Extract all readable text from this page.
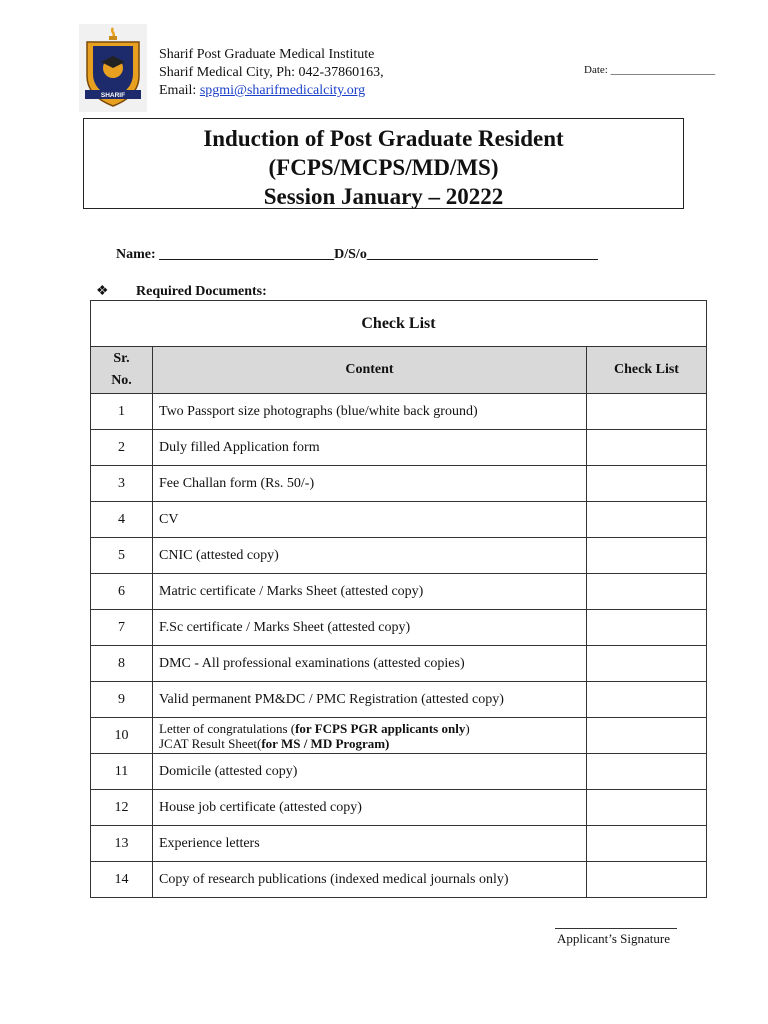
SHARIF
Sharif Post Graduate Medical Institute
Sharif Medical City, Ph: 042-37860163,
Email: spgmi@sharifmedicalcity.org
Date: ___________________
Induction of Post Graduate Resident
(FCPS/MCPS/MD/MS)
Session January – 20222
Name: _________________________D/S/o_________________________________
❖ Required Documents:
Check List		
Sr.
No.	Content	Check List
1	Two Passport size photographs (blue/white back ground)	
2	Duly filled Application form	
3	Fee Challan form (Rs. 50/-)	
4	CV	
5	CNIC (attested copy)	
6	Matric certificate / Marks Sheet (attested copy)	
7	F.Sc certificate / Marks Sheet (attested copy)	
8	DMC - All professional examinations (attested copies)	
9	Valid permanent PM&DC / PMC Registration (attested copy)	
10	Letter of congratulations (for FCPS PGR applicants only)
JCAT Result Sheet(for MS / MD Program)	
11	Domicile (attested copy)	
12	House job certificate (attested copy)	
13	Experience letters	
14	Copy of research publications (indexed medical journals only)	
Applicant’s Signature
